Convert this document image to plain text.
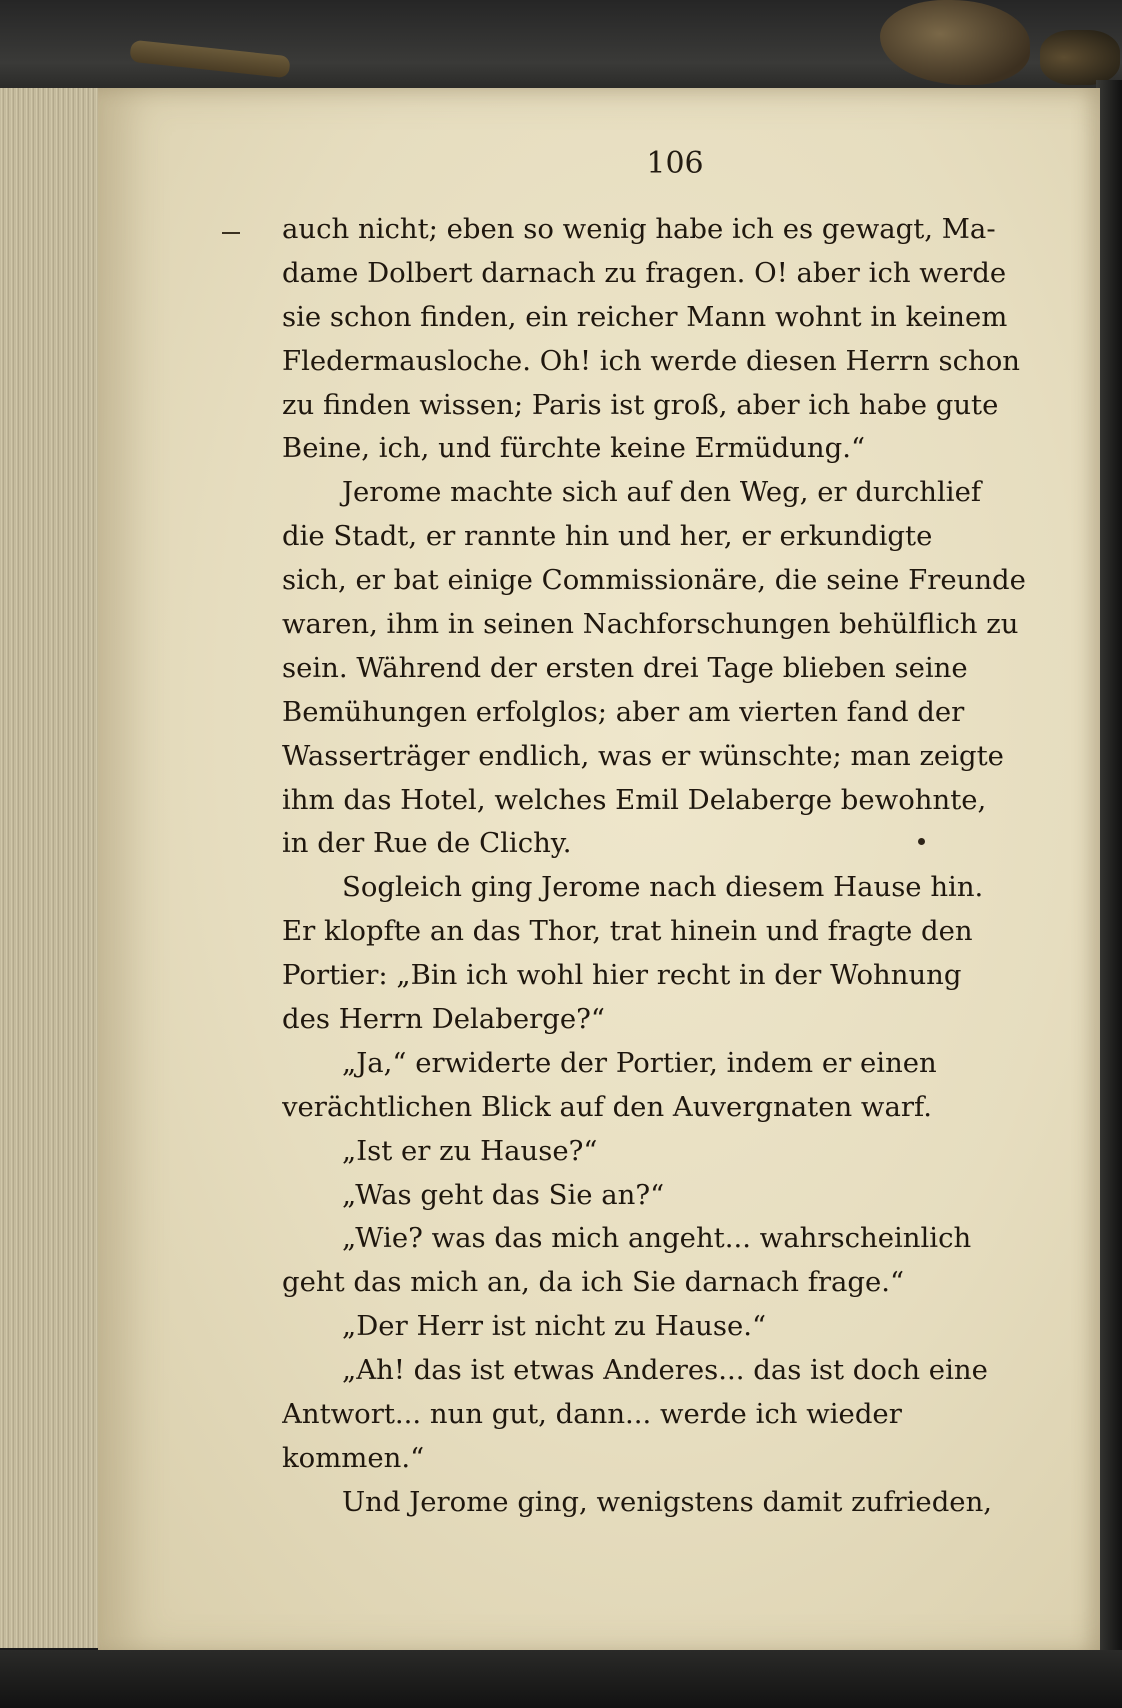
106
auch nicht; eben so wenig habe ich es gewagt, Ma-
dame Dolbert darnach zu fragen. O! aber ich werde
sie schon finden, ein reicher Mann wohnt in keinem
Fledermausloche. Oh! ich werde diesen Herrn schon
zu finden wissen; Paris ist groß, aber ich habe gute
Beine, ich, und fürchte keine Ermüdung.“
Jerome machte sich auf den Weg, er durchlief
die Stadt, er rannte hin und her, er erkundigte
sich, er bat einige Commissionäre, die seine Freunde
waren, ihm in seinen Nachforschungen behülflich zu
sein. Während der ersten drei Tage blieben seine
Bemühungen erfolglos; aber am vierten fand der
Wasserträger endlich, was er wünschte; man zeigte
ihm das Hotel, welches Emil Delaberge bewohnte,
in der Rue de Clichy.
Sogleich ging Jerome nach diesem Hause hin.
Er klopfte an das Thor, trat hinein und fragte den
Portier: „Bin ich wohl hier recht in der Wohnung
des Herrn Delaberge?“
„Ja,“ erwiderte der Portier, indem er einen
verächtlichen Blick auf den Auvergnaten warf.
„Ist er zu Hause?“
„Was geht das Sie an?“
„Wie? was das mich angeht... wahrscheinlich
geht das mich an, da ich Sie darnach frage.“
„Der Herr ist nicht zu Hause.“
„Ah! das ist etwas Anderes... das ist doch eine
Antwort... nun gut, dann... werde ich wieder
kommen.“
Und Jerome ging, wenigstens damit zufrieden,
